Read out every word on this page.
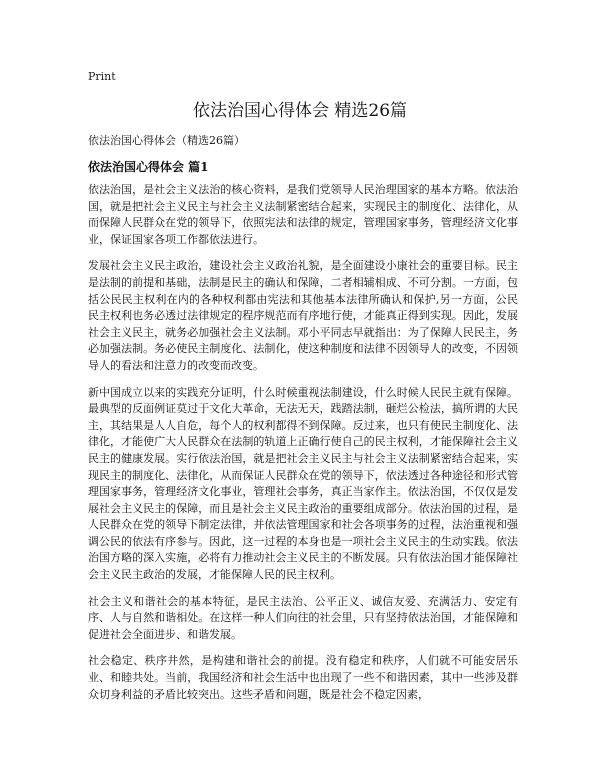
Print
依法治国心得体会 精选26篇

依法治国心得体会（精选26篇）

依法治国心得体会 篇1

依法治国，是社会主义法治的核心资料，是我们党领导人民治理国家的基本方略。依法治国，就是把社会主义民主与社会主义法制紧密结合起来，实现民主的制度化、法律化，从而保障人民群众在党的领导下，依照宪法和法律的规定，管理国家事务，管理经济文化事业，保证国家各项工作都依法进行。

发展社会主义民主政治，建设社会主义政治礼貌，是全面建设小康社会的重要目标。民主是法制的前提和基础，法制是民主的确认和保障，二者相辅相成、不可分割。一方面，包括公民民主权利在内的各种权利都由宪法和其他基本法律所确认和保护,另一方面，公民民主权利也务必透过法律规定的程序规范而有序地行使，才能真正得到实现。因此，发展社会主义民主，就务必加强社会主义法制。邓小平同志早就指出：为了保障人民民主，务必加强法制。务必使民主制度化、法制化，使这种制度和法律不因领导人的改变，不因领导人的看法和注意力的改变而改变。

新中国成立以来的实践充分证明，什么时候重视法制建设，什么时候人民民主就有保障。最典型的反面例证莫过于文化大革命，无法无天，践踏法制，砸烂公检法，搞所谓的大民主，其结果是人人自危，每个人的权利都得不到保障。反过来，也只有使民主制度化、法律化，才能使广大人民群众在法制的轨道上正确行使自己的民主权利，才能保障社会主义民主的健康发展。实行依法治国，就是把社会主义民主与社会主义法制紧密结合起来，实现民主的制度化、法律化，从而保证人民群众在党的领导下，依法透过各种途径和形式管理国家事务，管理经济文化事业，管理社会事务，真正当家作主。依法治国，不仅仅是发展社会主义民主的保障，而且是社会主义民主政治的重要组成部分。依法治国的过程，是人民群众在党的领导下制定法律，并依法管理国家和社会各项事务的过程，法治重视和强调公民的依法有序参与。因此，这一过程的本身也是一项社会主义民主的生动实践。依法治国方略的深入实施，必将有力推动社会主义民主的不断发展。只有依法治国才能保障社会主义民主政治的发展，才能保障人民的民主权利。

社会主义和谐社会的基本特征，是民主法治、公平正义、诚信友爱、充满活力、安定有序、人与自然和谐相处。在这样一种人们向往的社会里，只有坚持依法治国，才能保障和促进社会全面进步、和谐发展。

社会稳定、秩序井然，是构建和谐社会的前提。没有稳定和秩序，人们就不可能安居乐业、和睦共处。当前，我国经济和社会生活中也出现了一些不和谐因素，其中一些涉及群众切身利益的矛盾比较突出。这些矛盾和问题，既是社会不稳定因素，
